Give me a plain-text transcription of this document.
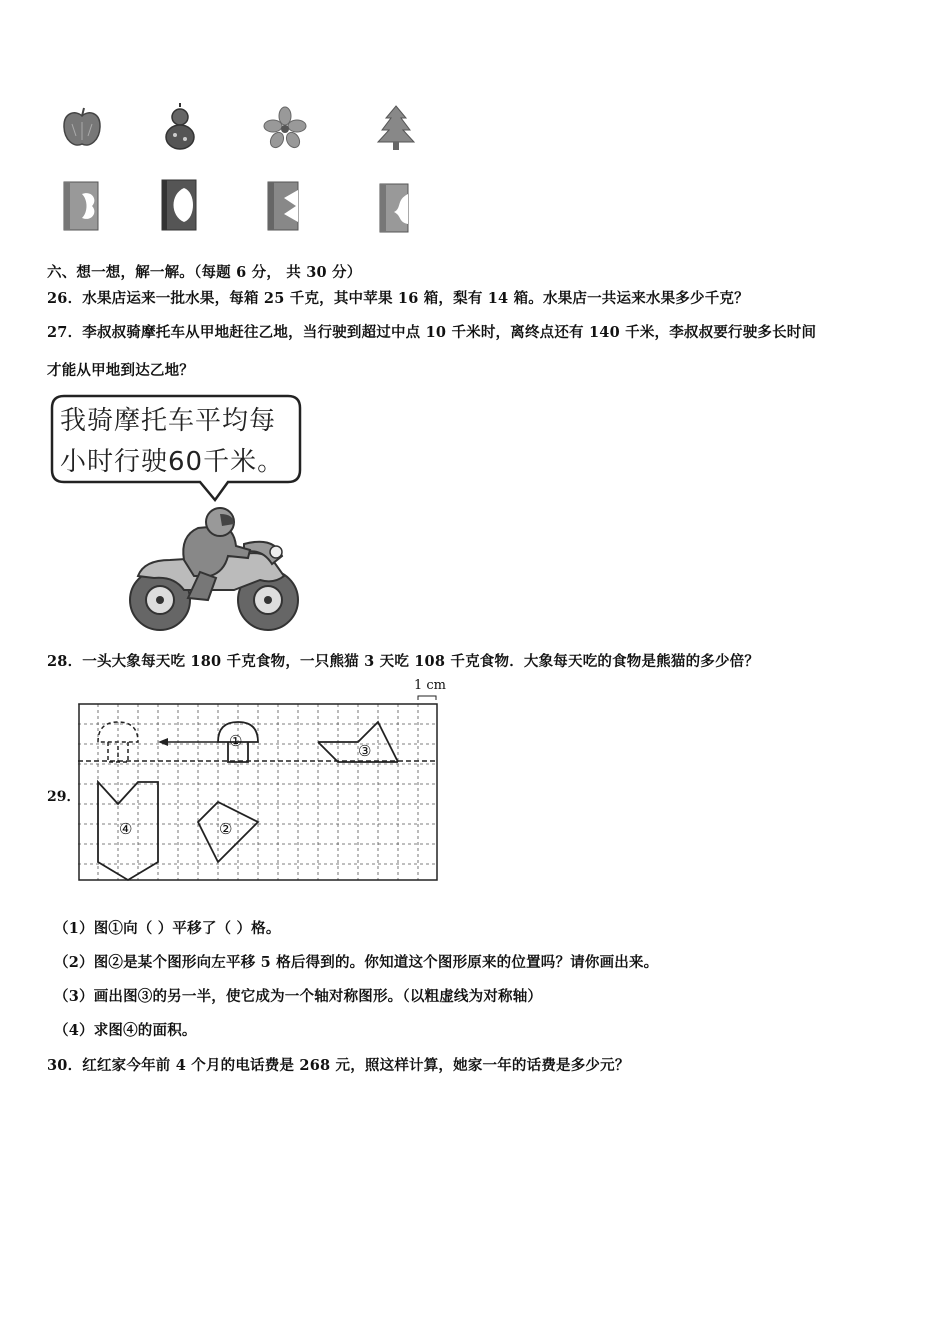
六、想一想，解一解。（每题 6 分， 共 30 分）
26．水果店运来一批水果，每箱 25 千克，其中苹果 16 箱，梨有 14 箱。水果店一共运来水果多少千克？
27．李叔叔骑摩托车从甲地赶往乙地，当行驶到超过中点 10 千米时，离终点还有 140 千米，李叔叔要行驶多长时间
才能从甲地到达乙地？
我骑摩托车平均每
小时行驶60千米。
28．一头大象每天吃 180 千克食物，一只熊猫 3 天吃 108 千克食物．大象每天吃的食物是熊猫的多少倍？
29．
1 cm
①
②
③
④
（1）图①向（ ）平移了（ ）格。
（2）图②是某个图形向左平移 5 格后得到的。你知道这个图形原来的位置吗？请你画出来。
（3）画出图③的另一半，使它成为一个轴对称图形。（以粗虚线为对称轴）
（4）求图④的面积。
30．红红家今年前 4 个月的电话费是 268 元，照这样计算，她家一年的话费是多少元？
